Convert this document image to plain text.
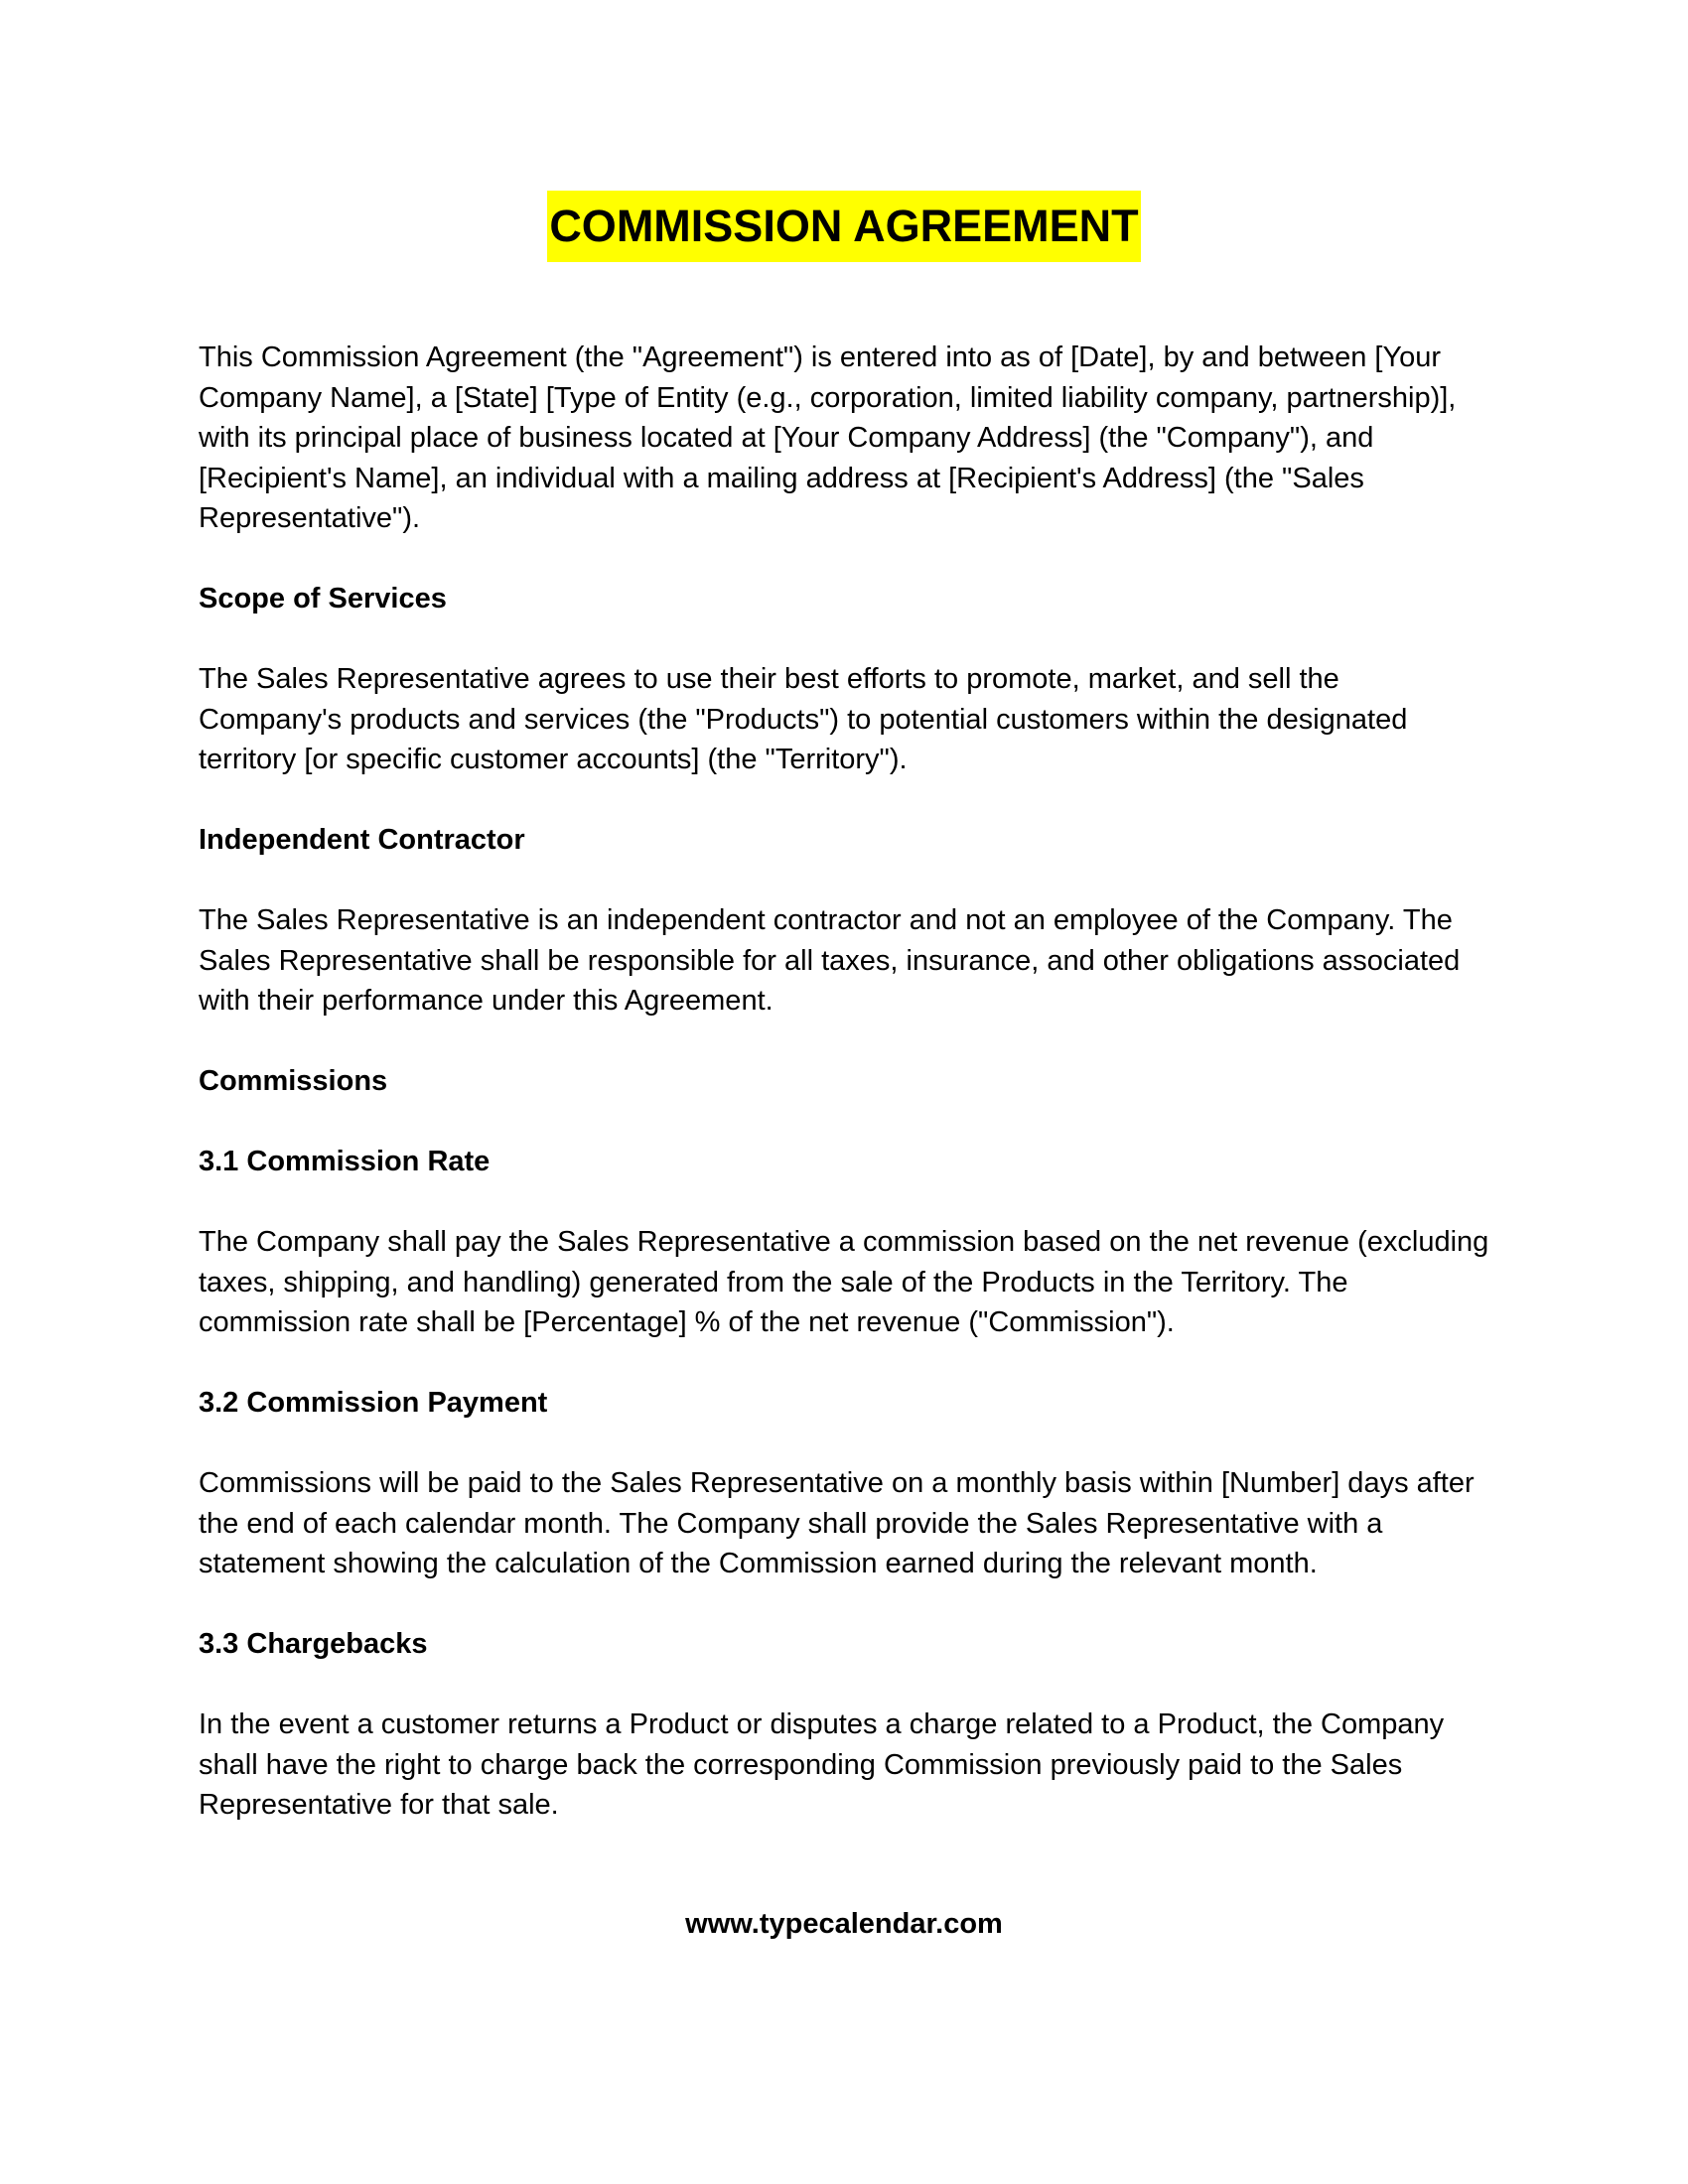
COMMISSION AGREEMENT

This Commission Agreement (the "Agreement") is entered into as of [Date], by and between [Your Company Name], a [State] [Type of Entity (e.g., corporation, limited liability company, partnership)], with its principal place of business located at [Your Company Address] (the "Company"), and [Recipient's Name], an individual with a mailing address at [Recipient's Address] (the "Sales Representative").

Scope of Services

The Sales Representative agrees to use their best efforts to promote, market, and sell the Company's products and services (the "Products") to potential customers within the designated territory [or specific customer accounts] (the "Territory").

Independent Contractor

The Sales Representative is an independent contractor and not an employee of the Company. The Sales Representative shall be responsible for all taxes, insurance, and other obligations associated with their performance under this Agreement.

Commissions
3.1 Commission Rate

The Company shall pay the Sales Representative a commission based on the net revenue (excluding taxes, shipping, and handling) generated from the sale of the Products in the Territory. The commission rate shall be [Percentage] % of the net revenue ("Commission").

3.2 Commission Payment

Commissions will be paid to the Sales Representative on a monthly basis within [Number] days after the end of each calendar month. The Company shall provide the Sales Representative with a statement showing the calculation of the Commission earned during the relevant month.

3.3 Chargebacks

In the event a customer returns a Product or disputes a charge related to a Product, the Company shall have the right to charge back the corresponding Commission previously paid to the Sales Representative for that sale.

www.typecalendar.com
